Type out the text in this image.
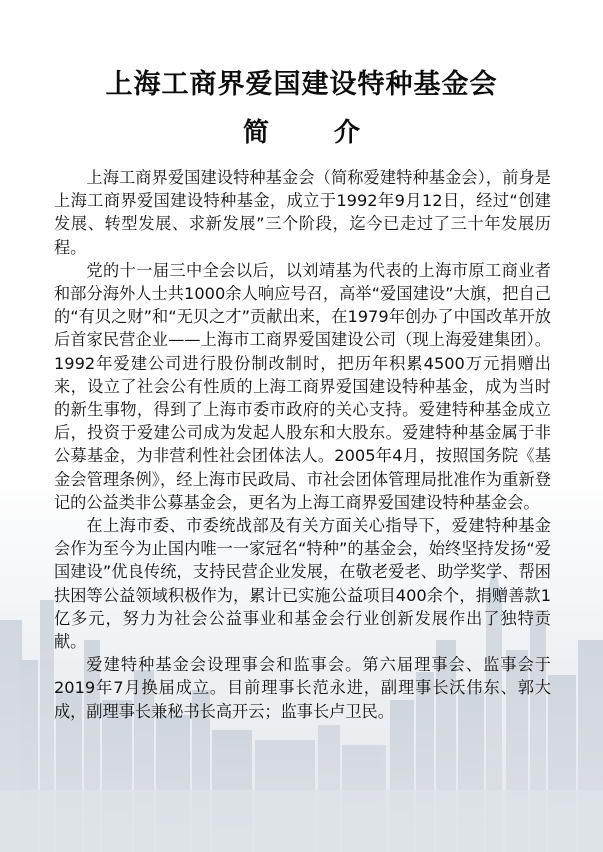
上海工商界爱国建设特种基金会
简 介

上海工商界爱国建设特种基金会（简称爱建特种基金会），前身是上海工商界爱国建设特种基金，成立于1992年9月12日，经过“创建发展、转型发展、求新发展”三个阶段，迄今已走过了三十年发展历程。

党的十一届三中全会以后，以刘靖基为代表的上海市原工商业者和部分海外人士共1000余人响应号召，高举“爱国建设”大旗，把自己的“有贝之财”和“无贝之才”贡献出来，在1979年创办了中国改革开放后首家民营企业——上海市工商界爱国建设公司（现上海爱建集团）。1992年爱建公司进行股份制改制时，把历年积累4500万元捐赠出来，设立了社会公有性质的上海工商界爱国建设特种基金，成为当时的新生事物，得到了上海市委市政府的关心支持。爱建特种基金成立后，投资于爱建公司成为发起人股东和大股东。爱建特种基金属于非公募基金，为非营利性社会团体法人。2005年4月，按照国务院《基金会管理条例》，经上海市民政局、市社会团体管理局批准作为重新登记的公益类非公募基金会，更名为上海工商界爱国建设特种基金会。

在上海市委、市委统战部及有关方面关心指导下，爱建特种基金会作为至今为止国内唯一一家冠名“特种”的基金会，始终坚持发扬“爱国建设”优良传统，支持民营企业发展，在敬老爱老、助学奖学、帮困扶困等公益领域积极作为，累计已实施公益项目400余个，捐赠善款1亿多元，努力为社会公益事业和基金会行业创新发展作出了独特贡献。

爱建特种基金会设理事会和监事会。第六届理事会、监事会于2019年7月换届成立。目前理事长范永进，副理事长沃伟东、郭大成，副理事长兼秘书长高开云；监事长卢卫民。
